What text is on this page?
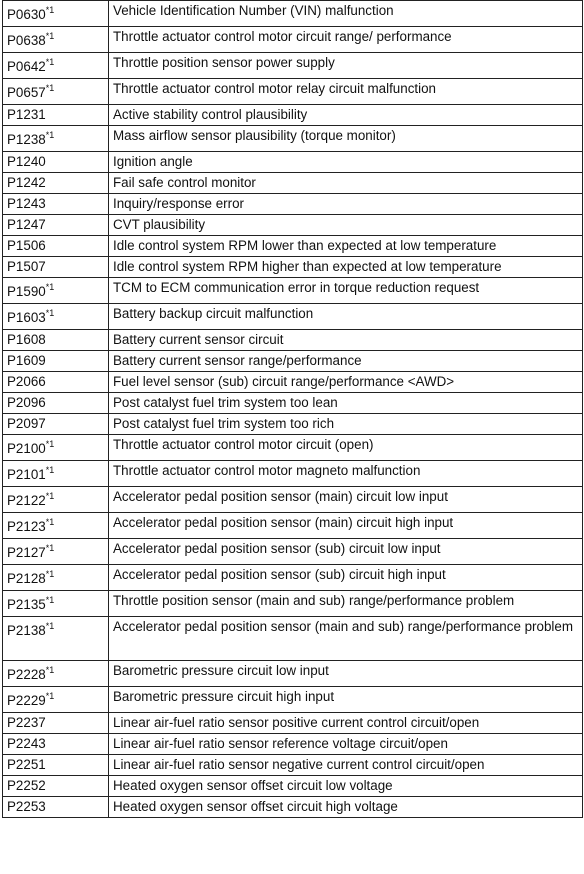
P0630$^{*1}$	Vehicle Identification Number (VIN) malfunction
P0638$^{*1}$	Throttle actuator control motor circuit range/ performance
P0642$^{*1}$	Throttle position sensor power supply
P0657$^{*1}$	Throttle actuator control motor relay circuit malfunction
P1231	Active stability control plausibility
P1238$^{*1}$	Mass airflow sensor plausibility (torque monitor)
P1240	Ignition angle
P1242	Fail safe control monitor
P1243	Inquiry/response error
P1247	CVT plausibility
P1506	Idle control system RPM lower than expected at low temperature
P1507	Idle control system RPM higher than expected at low temperature
P1590$^{*1}$	TCM to ECM communication error in torque reduction request
P1603$^{*1}$	Battery backup circuit malfunction
P1608	Battery current sensor circuit
P1609	Battery current sensor range/performance
P2066	Fuel level sensor (sub) circuit range/performance <AWD>
P2096	Post catalyst fuel trim system too lean
P2097	Post catalyst fuel trim system too rich
P2100$^{*1}$	Throttle actuator control motor circuit (open)
P2101$^{*1}$	Throttle actuator control motor magneto malfunction
P2122$^{*1}$	Accelerator pedal position sensor (main) circuit low input
P2123$^{*1}$	Accelerator pedal position sensor (main) circuit high input
P2127$^{*1}$	Accelerator pedal position sensor (sub) circuit low input
P2128$^{*1}$	Accelerator pedal position sensor (sub) circuit high input
P2135$^{*1}$	Throttle position sensor (main and sub) range/performance problem
P2138$^{*1}$	Accelerator pedal position sensor (main and sub) range/performance problem
P2228$^{*1}$	Barometric pressure circuit low input
P2229$^{*1}$	Barometric pressure circuit high input
P2237	Linear air-fuel ratio sensor positive current control circuit/open
P2243	Linear air-fuel ratio sensor reference voltage circuit/open
P2251	Linear air-fuel ratio sensor negative current control circuit/open
P2252	Heated oxygen sensor offset circuit low voltage
P2253	Heated oxygen sensor offset circuit high voltage
